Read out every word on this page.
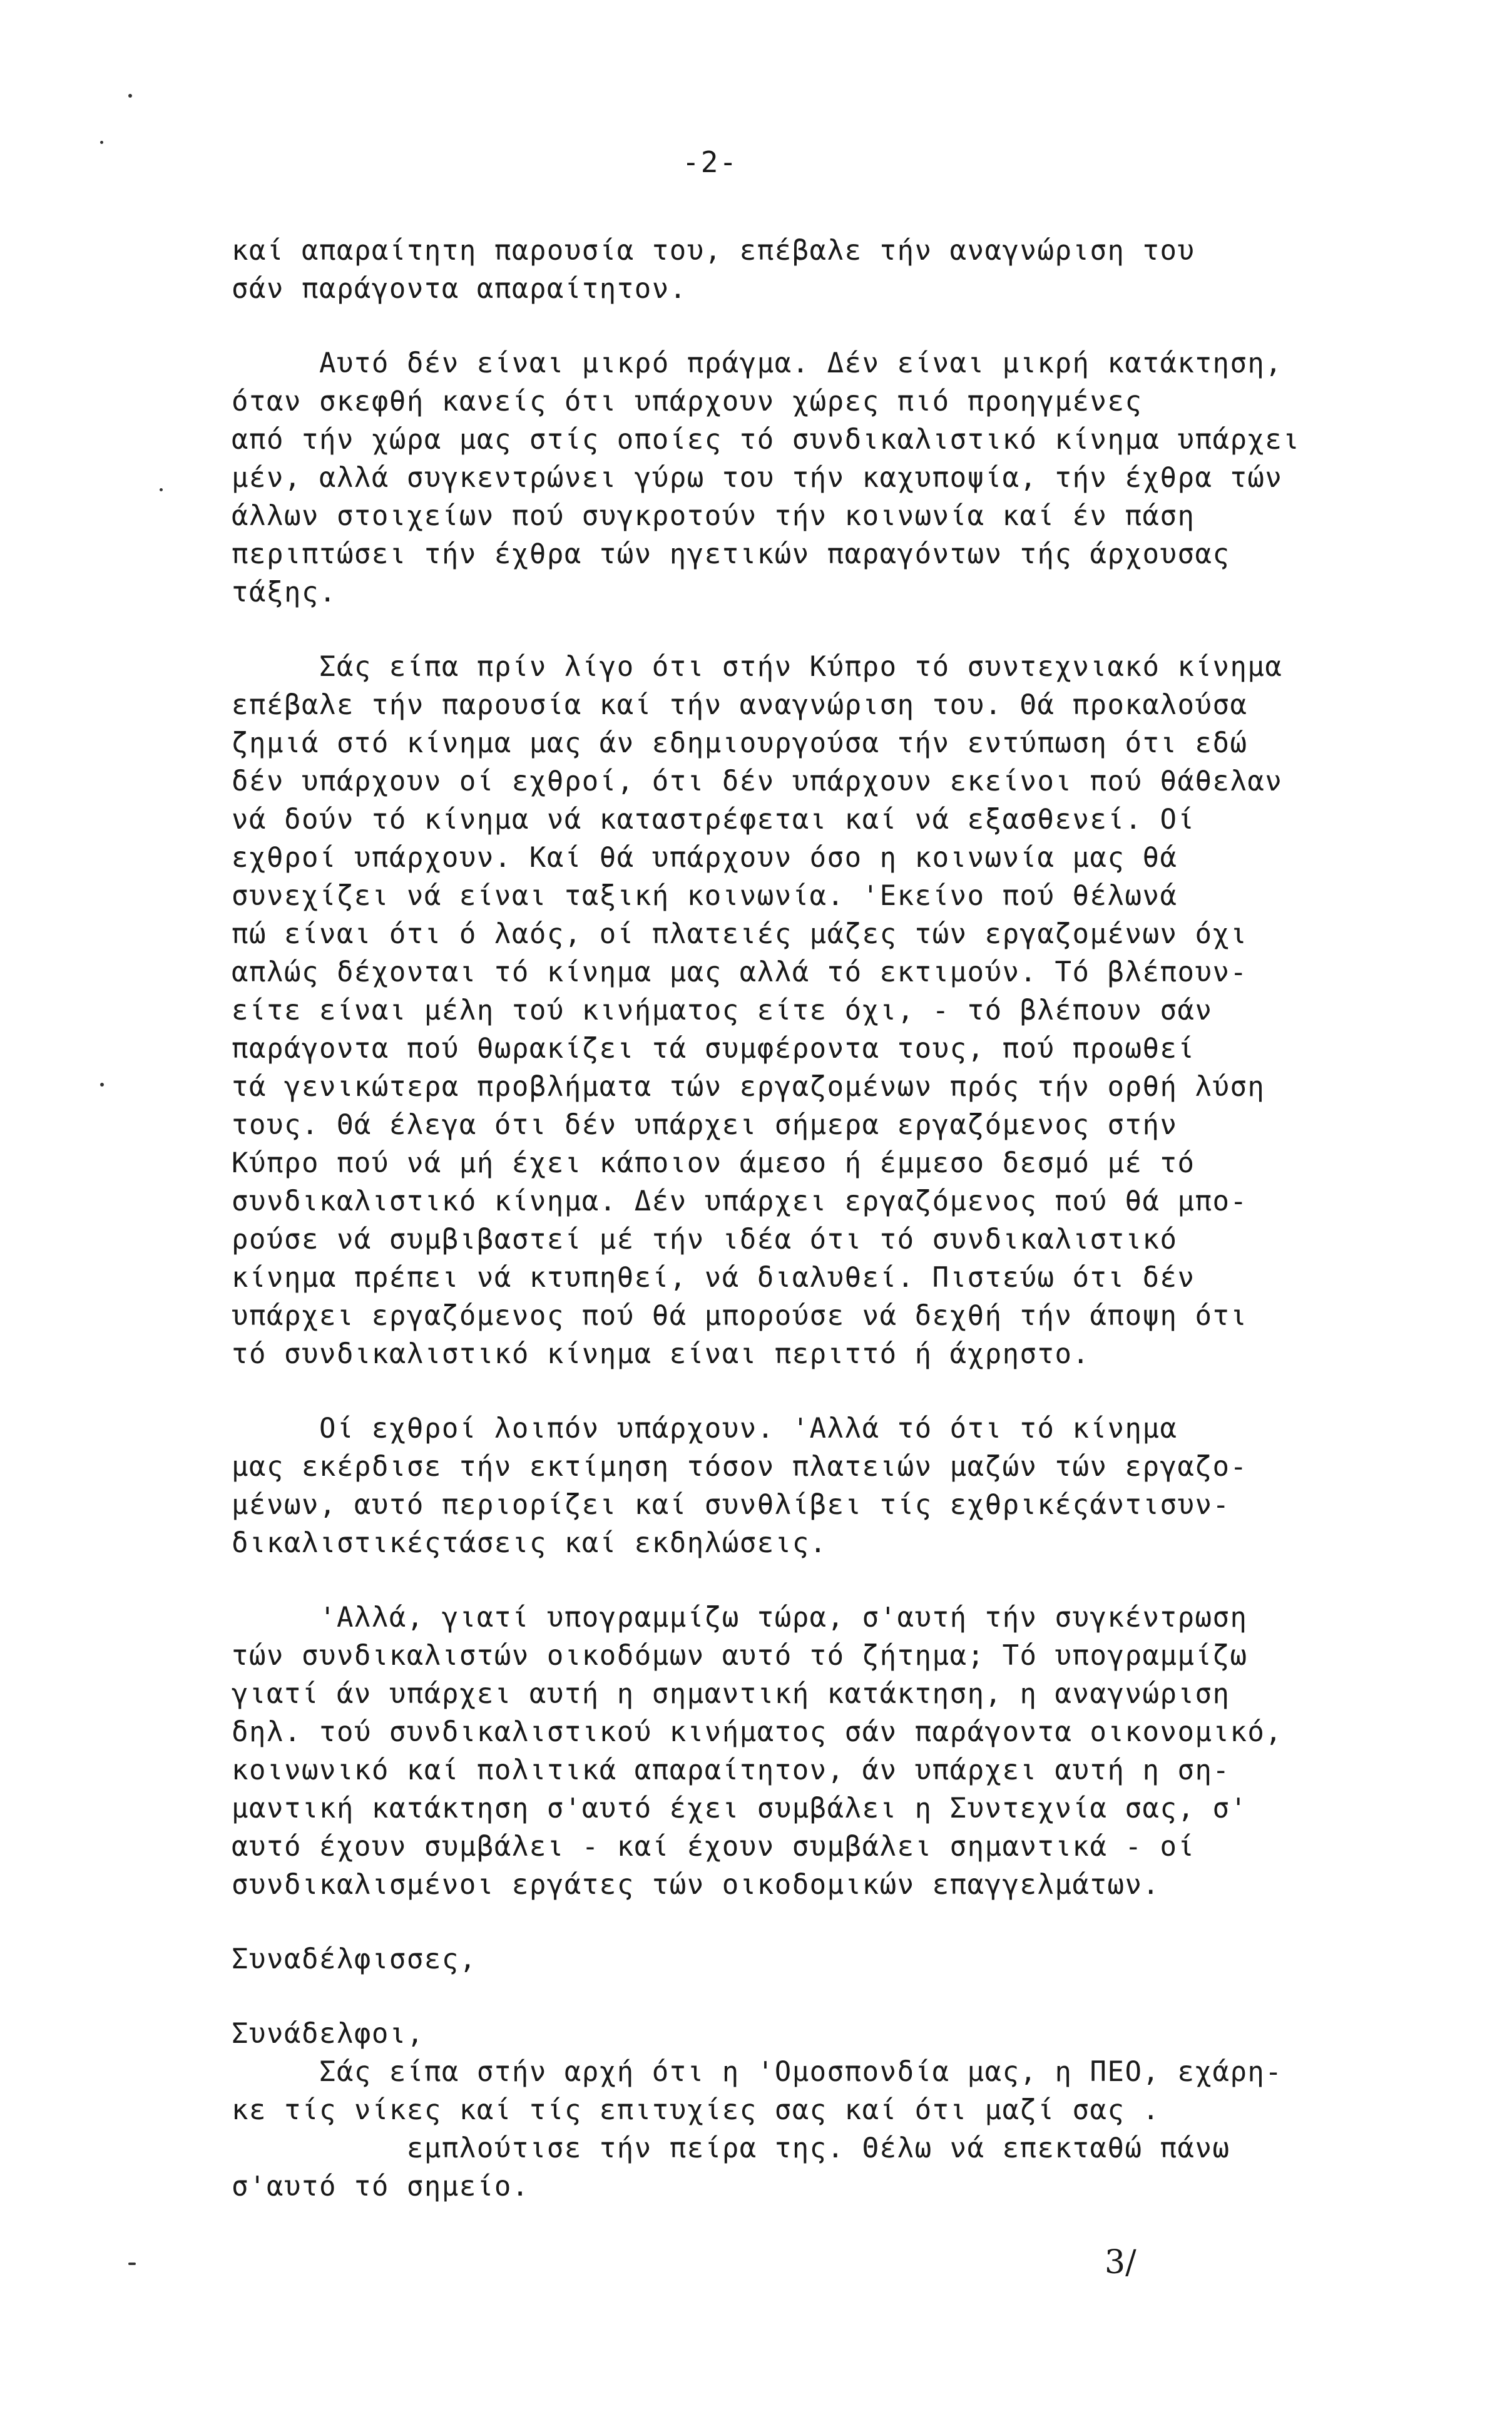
-2-
καί απαραίτητη παρουσία του, επέβαλε τήν αναγνώριση του
σάν παράγοντα απαραίτητον.
Αυτό δέν είναι μικρό πράγμα. Δέν είναι μικρή κατάκτηση,
όταν σκεφθή κανείς ότι υπάρχουν χώρες πιό προηγμένες
από τήν χώρα μας στίς οποίες τό συνδικαλιστικό κίνημα υπάρχει
μέν, αλλά συγκεντρώνει γύρω του τήν καχυποψία, τήν έχθρα τών
άλλων στοιχείων πού συγκροτούν τήν κοινωνία καί έν πάση
περιπτώσει τήν έχθρα τών ηγετικών παραγόντων τής άρχουσας
τάξης.
Σάς είπα πρίν λίγο ότι στήν Κύπρο τό συντεχνιακό κίνημα
επέβαλε τήν παρουσία καί τήν αναγνώριση του. Θά προκαλούσα
ζημιά στό κίνημα μας άν εδημιουργούσα τήν εντύπωση ότι εδώ
δέν υπάρχουν οί εχθροί, ότι δέν υπάρχουν εκείνοι πού θάθελαν
νά δούν τό κίνημα νά καταστρέφεται καί νά εξασθενεί. Οί
εχθροί υπάρχουν. Καί θά υπάρχουν όσο η κοινωνία μας θά
συνεχίζει νά είναι ταξική κοινωνία. 'Εκείνο πού θέλωνά
πώ είναι ότι ό λαός, οί πλατειές μάζες τών εργαζομένων όχι
απλώς δέχονται τό κίνημα μας αλλά τό εκτιμούν. Τό βλέπουν-
είτε είναι μέλη τού κινήματος είτε όχι, - τό βλέπουν σάν
παράγοντα πού θωρακίζει τά συμφέροντα τους, πού προωθεί
τά γενικώτερα προβλήματα τών εργαζομένων πρός τήν ορθή λύση
τους. Θά έλεγα ότι δέν υπάρχει σήμερα εργαζόμενος στήν
Κύπρο πού νά μή έχει κάποιον άμεσο ή έμμεσο δεσμό μέ τό
συνδικαλιστικό κίνημα. Δέν υπάρχει εργαζόμενος πού θά μπο-
ρούσε νά συμβιβαστεί μέ τήν ιδέα ότι τό συνδικαλιστικό
κίνημα πρέπει νά κτυπηθεί, νά διαλυθεί. Πιστεύω ότι δέν
υπάρχει εργαζόμενος πού θά μπορούσε νά δεχθή τήν άποψη ότι
τό συνδικαλιστικό κίνημα είναι περιττό ή άχρηστο.
Οί εχθροί λοιπόν υπάρχουν. 'Αλλά τό ότι τό κίνημα
μας εκέρδισε τήν εκτίμηση τόσον πλατειών μαζών τών εργαζο-
μένων, αυτό περιορίζει καί συνθλίβει τίς εχθρικέςάντισυν-
δικαλιστικέςτάσεις καί εκδηλώσεις.
'Αλλά, γιατί υπογραμμίζω τώρα, σ'αυτή τήν συγκέντρωση
τών συνδικαλιστών οικοδόμων αυτό τό ζήτημα; Τό υπογραμμίζω
γιατί άν υπάρχει αυτή η σημαντική κατάκτηση, η αναγνώριση
δηλ. τού συνδικαλιστικού κινήματος σάν παράγοντα οικονομικό,
κοινωνικό καί πολιτικά απαραίτητον, άν υπάρχει αυτή η ση-
μαντική κατάκτηση σ'αυτό έχει συμβάλει η Συντεχνία σας, σ'
αυτό έχουν συμβάλει - καί έχουν συμβάλει σημαντικά - οί
συνδικαλισμένοι εργάτες τών οικοδομικών επαγγελμάτων.
Συναδέλφισσες,
Συνάδελφοι,
Σάς είπα στήν αρχή ότι η 'Ομοσπονδία μας, η ΠΕΟ, εχάρη-
κε τίς νίκες καί τίς επιτυχίες σας καί ότι μαζί σας .
εμπλούτισε τήν πείρα της. Θέλω νά επεκταθώ πάνω
σ'αυτό τό σημείο.
3/
